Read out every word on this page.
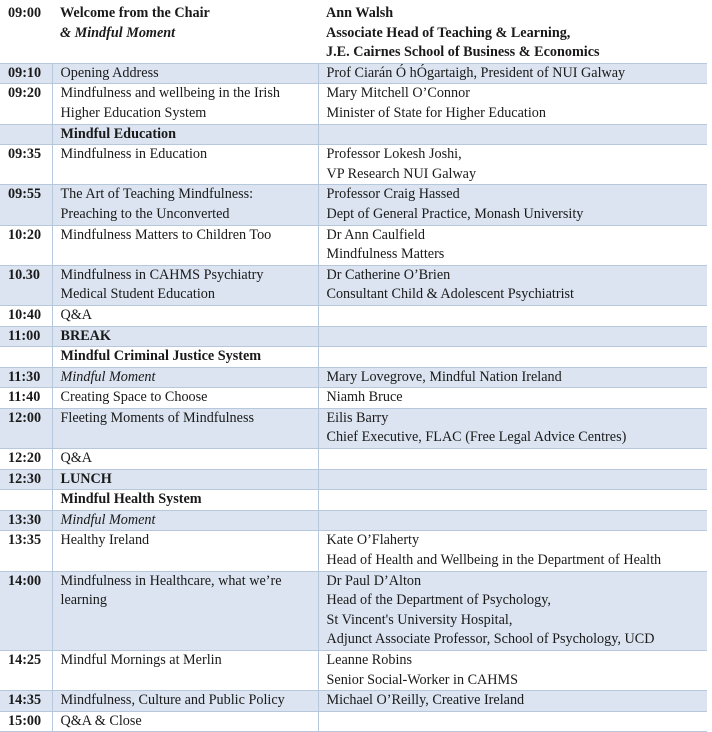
09:00	Welcome from the Chair
& Mindful Moment	Ann Walsh
Associate Head of Teaching & Learning,
J.E. Cairnes School of Business & Economics

09:10	Opening Address	Prof Ciarán Ó hÓgartaigh, President of NUI Galway

09:20	Mindfulness and wellbeing in the Irish
Higher Education System	Mary Mitchell O’Connor
Minister of State for Higher Education

	Mindful Education	

09:35	Mindfulness in Education	Professor Lokesh Joshi,
VP Research NUI Galway

09:55	The Art of Teaching Mindfulness:
Preaching to the Unconverted	Professor Craig Hassed
Dept of General Practice, Monash University

10:20	Mindfulness Matters to Children Too	Dr Ann Caulfield
Mindfulness Matters

10.30	Mindfulness in CAHMS Psychiatry
Medical Student Education	Dr Catherine O’Brien
Consultant Child & Adolescent Psychiatrist

10:40	Q&A	

11:00	BREAK	

	Mindful Criminal Justice System	

11:30	Mindful Moment	Mary Lovegrove, Mindful Nation Ireland

11:40	Creating Space to Choose	Niamh Bruce

12:00	Fleeting Moments of Mindfulness	Eilis Barry
Chief Executive, FLAC (Free Legal Advice Centres)

12:20	Q&A	

12:30	LUNCH	

	Mindful Health System	

13:30	Mindful Moment	

13:35	Healthy Ireland	Kate O’Flaherty
Head of Health and Wellbeing in the Department of Health

14:00	Mindfulness in Healthcare, what we’re
learning	Dr Paul D’Alton
Head of the Department of Psychology,
St Vincent's University Hospital,
Adjunct Associate Professor, School of Psychology, UCD

14:25	Mindful Mornings at Merlin	Leanne Robins
Senior Social-Worker in CAHMS

14:35	Mindfulness, Culture and Public Policy	Michael O’Reilly, Creative Ireland

15:00	Q&A & Close	
